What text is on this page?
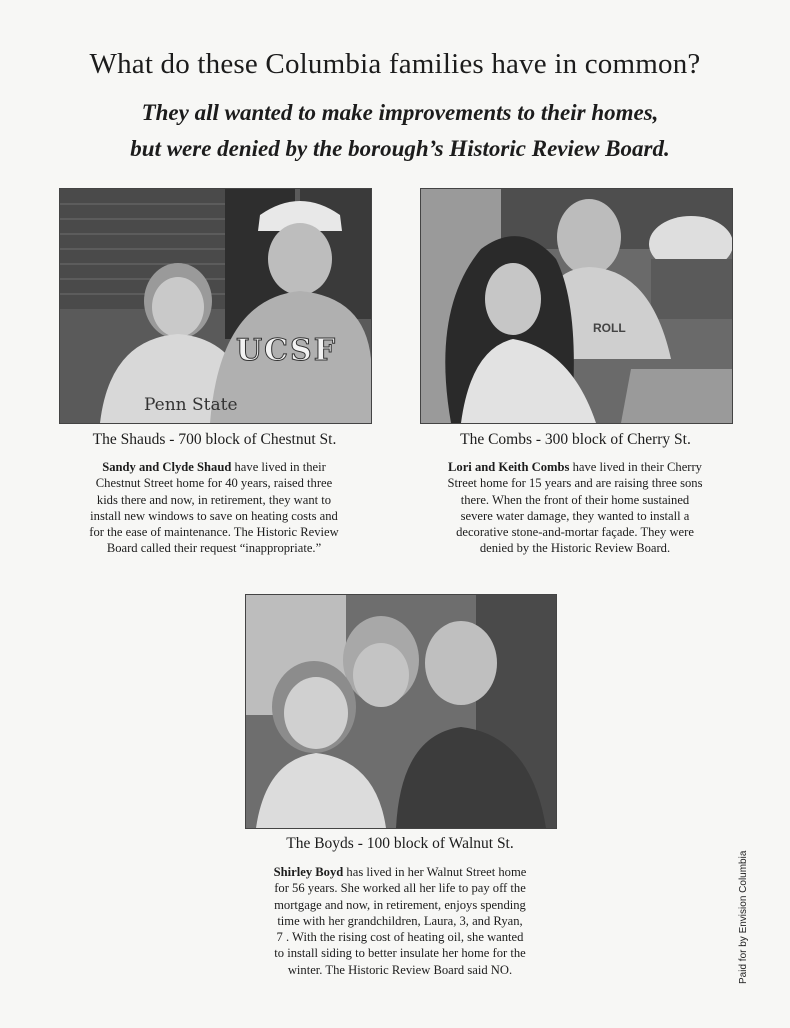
What do these Columbia families have in common?
They all wanted to make improvements to their homes,
but were denied by the borough’s Historic Review Board.
Penn State
UCSF
ROLL
The Shauds - 700 block of Chestnut St.	The Combs - 300 block of Cherry St.
The Boyds - 100 block of Walnut St.
Sandy and Clyde Shaud have lived in their
Chestnut Street home for 40 years, raised three
kids there and now, in retirement, they want to
install new windows to save on heating costs and
for the ease of maintenance. The Historic Review
Board called their request “inappropriate.”
Lori and Keith Combs have lived in their Cherry
Street home for 15 years and are raising three sons
there. When the front of their home sustained
severe water damage, they wanted to install a
decorative stone-and-mortar façade. They were
denied by the Historic Review Board.
Shirley Boyd has lived in her Walnut Street home
for 56 years. She worked all her life to pay off the
mortgage and now, in retirement, enjoys spending
time with her grandchildren, Laura, 3, and Ryan,
7 . With the rising cost of heating oil, she wanted
to install siding to better insulate her home for the
winter. The Historic Review Board said NO.	Paid for by Envision Columbia
